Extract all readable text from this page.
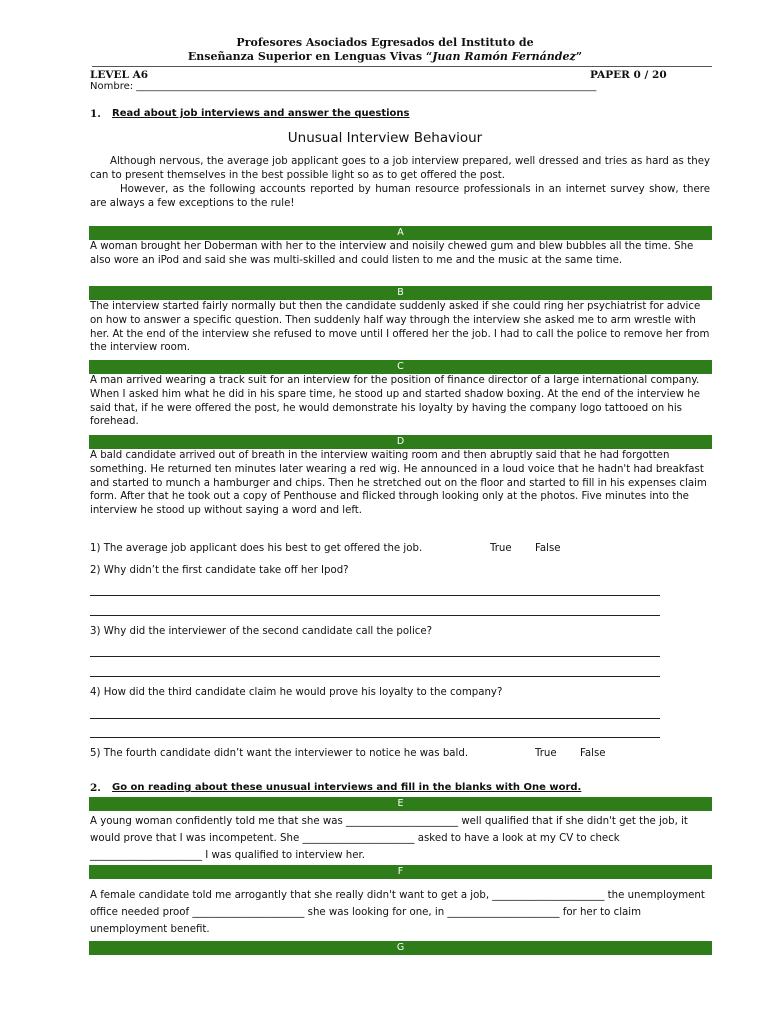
Profesores Asociados Egresados del Instituto de
Enseñanza Superior en Lenguas Vivas “Juan Ramón Fernández”
LEVEL A6	PAPER 0 / 20
Nombre: ____________________________________________________________________________________________
1. Read about job interviews and answer the questions
Unusual Interview Behaviour
Although nervous, the average job applicant goes to a job interview prepared, well dressed and tries as hard as they can to present themselves in the best possible light so as to get offered the post.
However, as the following accounts reported by human resource professionals in an internet survey show, there are always a few exceptions to the rule!
A
A woman brought her Doberman with her to the interview and noisily chewed gum and blew bubbles all the time. She also wore an iPod and said she was multi-skilled and could listen to me and the music at the same time.
B
The interview started fairly normally but then the candidate suddenly asked if she could ring her psychiatrist for advice on how to answer a specific question. Then suddenly half way through the interview she asked me to arm wrestle with her. At the end of the interview she refused to move until I offered her the job. I had to call the police to remove her from the interview room.
C
A man arrived wearing a track suit for an interview for the position of finance director of a large international company. When I asked him what he did in his spare time, he stood up and started shadow boxing. At the end of the interview he said that, if he were offered the post, he would demonstrate his loyalty by having the company logo tattooed on his forehead.
D
A bald candidate arrived out of breath in the interview waiting room and then abruptly said that he had forgotten something. He returned ten minutes later wearing a red wig. He announced in a loud voice that he hadn't had breakfast and started to munch a hamburger and chips. Then he stretched out on the floor and started to fill in his expenses claim form. After that he took out a copy of Penthouse and flicked through looking only at the photos. Five minutes into the interview he stood up without saying a word and left.
1) The average job applicant does his best to get offered the job.	True False
2) Why didn’t the first candidate take off her Ipod?
3) Why did the interviewer of the second candidate call the police?
4) How did the third candidate claim he would prove his loyalty to the company?
5) The fourth candidate didn’t want the interviewer to notice he was bald.	True False
2. Go on reading about these unusual interviews and fill in the blanks with One word.
E
A young woman confidently told me that she was ______________________ well qualified that if she didn't get the job, it would prove that I was incompetent. She ______________________ asked to have a look at my CV to check ______________________ I was qualified to interview her.
F
A female candidate told me arrogantly that she really didn't want to get a job, ______________________ the unemployment office needed proof ______________________ she was looking for one, in ______________________ for her to claim unemployment benefit.
G
